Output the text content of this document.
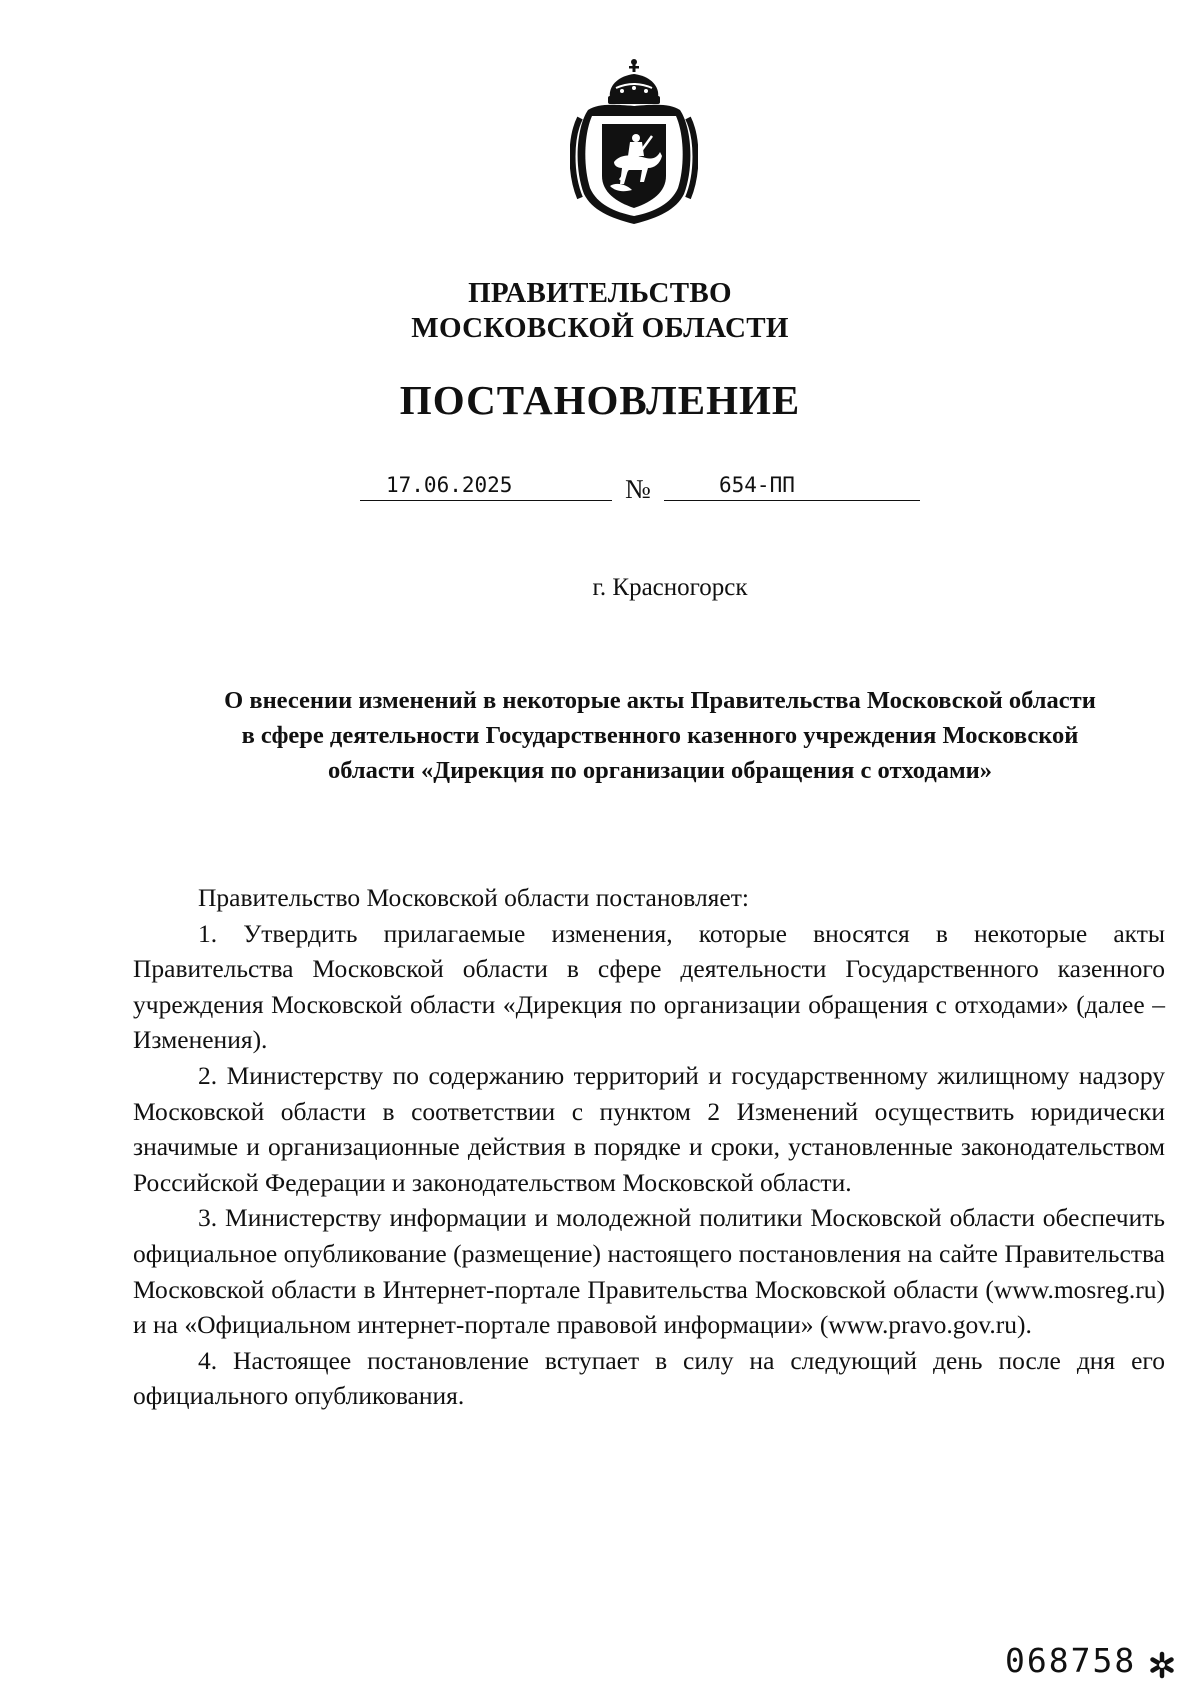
ПРАВИТЕЛЬСТВО
МОСКОВСКОЙ ОБЛАСТИ
ПОСТАНОВЛЕНИЕ
17.06.2025	№	654-ПП
г. Красногорск
О внесении изменений в некоторые акты Правительства Московской области
в сфере деятельности Государственного казенного учреждения Московской
области «Дирекция по организации обращения с отходами»

Правительство Московской области постановляет:

1. Утвердить прилагаемые изменения, которые вносятся в некоторые акты Правительства Московской области в сфере деятельности Государственного казенного учреждения Московской области «Дирекция по организации обращения с отходами» (далее – Изменения).

2. Министерству по содержанию территорий и государственному жилищному надзору Московской области в соответствии с пунктом 2 Изменений осуществить юридически значимые и организационные действия в порядке и сроки, установленные законодательством Российской Федерации и законодательством Московской области.

3. Министерству информации и молодежной политики Московской области обеспечить официальное опубликование (размещение) настоящего постановления на сайте Правительства Московской области в Интернет-портале Правительства Московской области (www.mosreg.ru) и на «Официальном интернет-портале правовой информации» (www.pravo.gov.ru).

4. Настоящее постановление вступает в силу на следующий день после дня его официального опубликования.

068758
